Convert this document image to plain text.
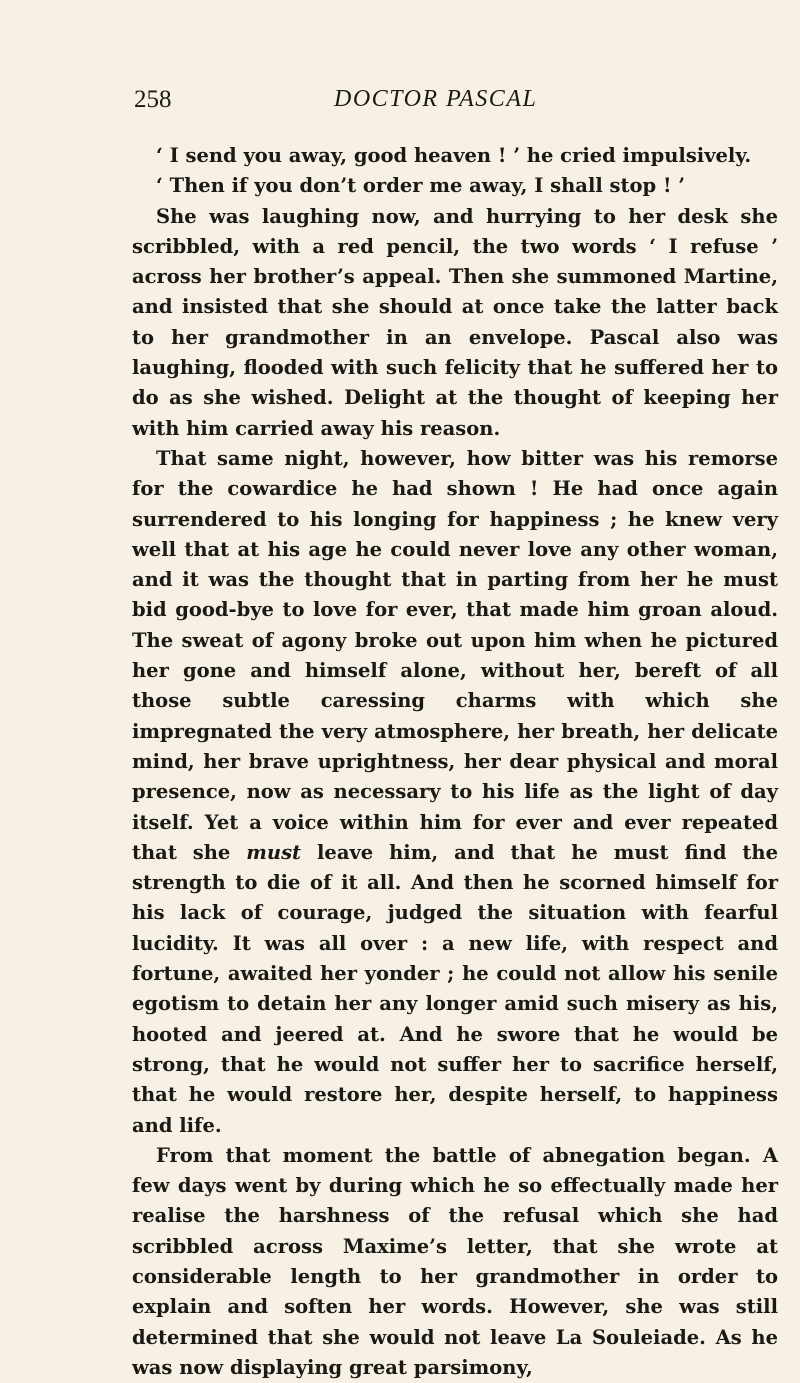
258	DOCTOR PASCAL

‘ I send you away, good heaven ! ’ he cried impulsively.

‘ Then if you don’t order me away, I shall stop ! ’

She was laughing now, and hurrying to her desk she scribbled, with a red pencil, the two words ‘ I refuse ’ across her brother’s appeal. Then she summoned Martine, and insisted that she should at once take the latter back to her grandmother in an envelope. Pascal also was laughing, flooded with such felicity that he suffered her to do as she wished. Delight at the thought of keeping her with him carried away his reason.

That same night, however, how bitter was his remorse for the cowardice he had shown ! He had once again surrendered to his longing for happiness ; he knew very well that at his age he could never love any other woman, and it was the thought that in parting from her he must bid good-bye to love for ever, that made him groan aloud. The sweat of agony broke out upon him when he pictured her gone and himself alone, without her, bereft of all those subtle caressing charms with which she impregnated the very atmosphere, her breath, her delicate mind, her brave uprightness, her dear physical and moral presence, now as necessary to his life as the light of day itself. Yet a voice within him for ever and ever repeated that she must leave him, and that he must find the strength to die of it all. And then he scorned himself for his lack of courage, judged the situation with fearful lucidity. It was all over : a new life, with respect and fortune, awaited her yonder ; he could not allow his senile egotism to detain her any longer amid such misery as his, hooted and jeered at. And he swore that he would be strong, that he would not suffer her to sacrifice herself, that he would restore her, despite herself, to happiness and life.

From that moment the battle of abnegation began. A few days went by during which he so effectually made her realise the harshness of the refusal which she had scribbled across Maxime’s letter, that she wrote at considerable length to her grandmother in order to explain and soften her words. However, she was still determined that she would not leave La Souleiade. As he was now displaying great parsimony,
